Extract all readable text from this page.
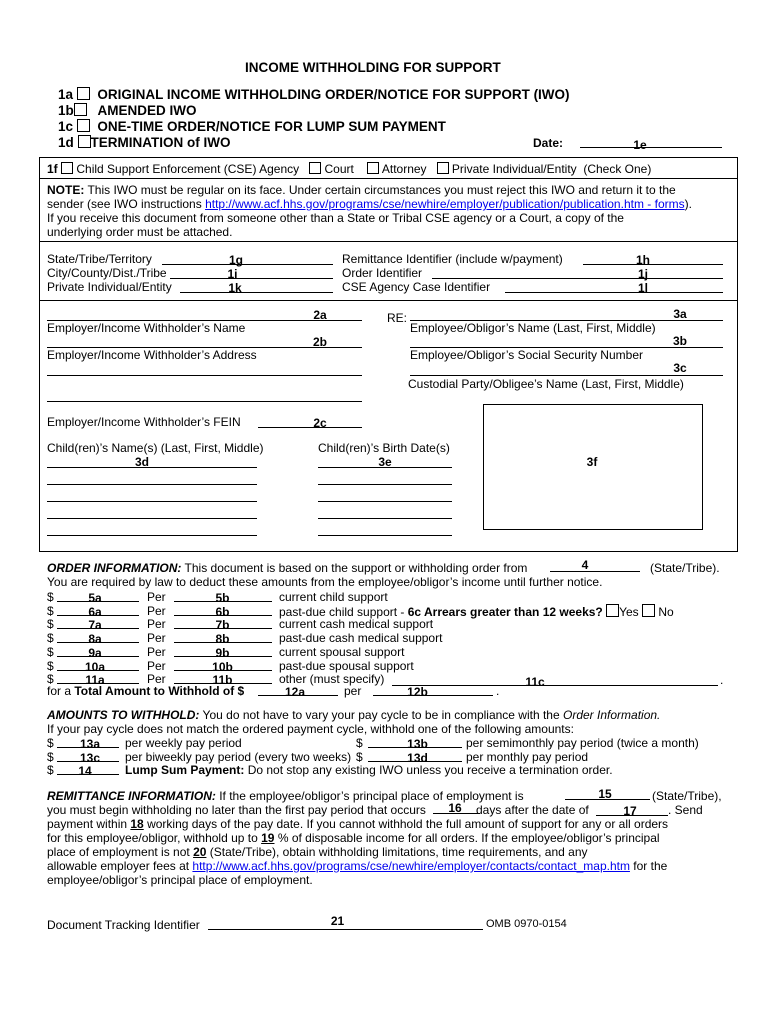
INCOME WITHHOLDING FOR SUPPORT
1a ORIGINAL INCOME WITHHOLDING ORDER/NOTICE FOR SUPPORT (IWO)
1b AMENDED IWO
1c ONE-TIME ORDER/NOTICE FOR LUMP SUM PAYMENT
1d TERMINATION of IWO	Date:	1e
1f Child Support Enforcement (CSE) Agency Court Attorney Private Individual/Entity (Check One)
NOTE: This IWO must be regular on its face. Under certain circumstances you must reject this IWO and return it to the
sender (see IWO instructions http://www.acf.hhs.gov/programs/cse/newhire/employer/publication/publication.htm - forms).
If you receive this document from someone other than a State or Tribal CSE agency or a Court, a copy of the
underlying order must be attached.
State/Tribe/Territory	1g
City/County/Dist./Tribe	1i
Private Individual/Entity	1k
Remittance Identifier (include w/payment)	1h
Order Identifier	1j
CSE Agency Case Identifier	1l
2a
Employer/Income Withholder’s Name
2b
Employer/Income Withholder’s Address
RE:	3a
Employee/Obligor’s Name (Last, First, Middle)
3b
Employee/Obligor’s Social Security Number
3c
Custodial Party/Obligee’s Name (Last, First, Middle)
Employer/Income Withholder’s FEIN	2c
Child(ren)’s Name(s) (Last, First, Middle)	Child(ren)’s Birth Date(s)
3d	3e	3f
ORDER INFORMATION: This document is based on the support or withholding order from	4	(State/Tribe).
You are required by law to deduct these amounts from the employee/obligor’s income until further notice.
$	5a	Per	5b	current child support
$	6a	Per	6b	past-due child support - 6c Arrears greater than 12 weeks? Yes No
$	7a	Per	7b	current cash medical support
$	8a	Per	8b	past-due cash medical support
$	9a	Per	9b	current spousal support
$	10a	Per	10b	past-due spousal support
$	11a	Per	11b	other (must specify)	11c	.
for a Total Amount to Withhold of $	12a	per	12b	.
AMOUNTS TO WITHHOLD: You do not have to vary your pay cycle to be in compliance with the Order Information.
If your pay cycle does not match the ordered payment cycle, withhold one of the following amounts:
$	13a	per weekly pay period	$	13b	per semimonthly pay period (twice a month)
$	13c	per biweekly pay period (every two weeks) $	13d	per monthly pay period
$	14	Lump Sum Payment: Do not stop any existing IWO unless you receive a termination order.
REMITTANCE INFORMATION: If the employee/obligor’s principal place of employment is	15	(State/Tribe),
you must begin withholding no later than the first pay period that occurs	16	days after the date of	17	. Send
payment within 18 working days of the pay date. If you cannot withhold the full amount of support for any or all orders
for this employee/obligor, withhold up to 19 % of disposable income for all orders. If the employee/obligor’s principal
place of employment is not 20 (State/Tribe), obtain withholding limitations, time requirements, and any
allowable employer fees at http://www.acf.hhs.gov/programs/cse/newhire/employer/contacts/contact_map.htm for the
employee/obligor’s principal place of employment.
Document Tracking Identifier	21	OMB 0970-0154
